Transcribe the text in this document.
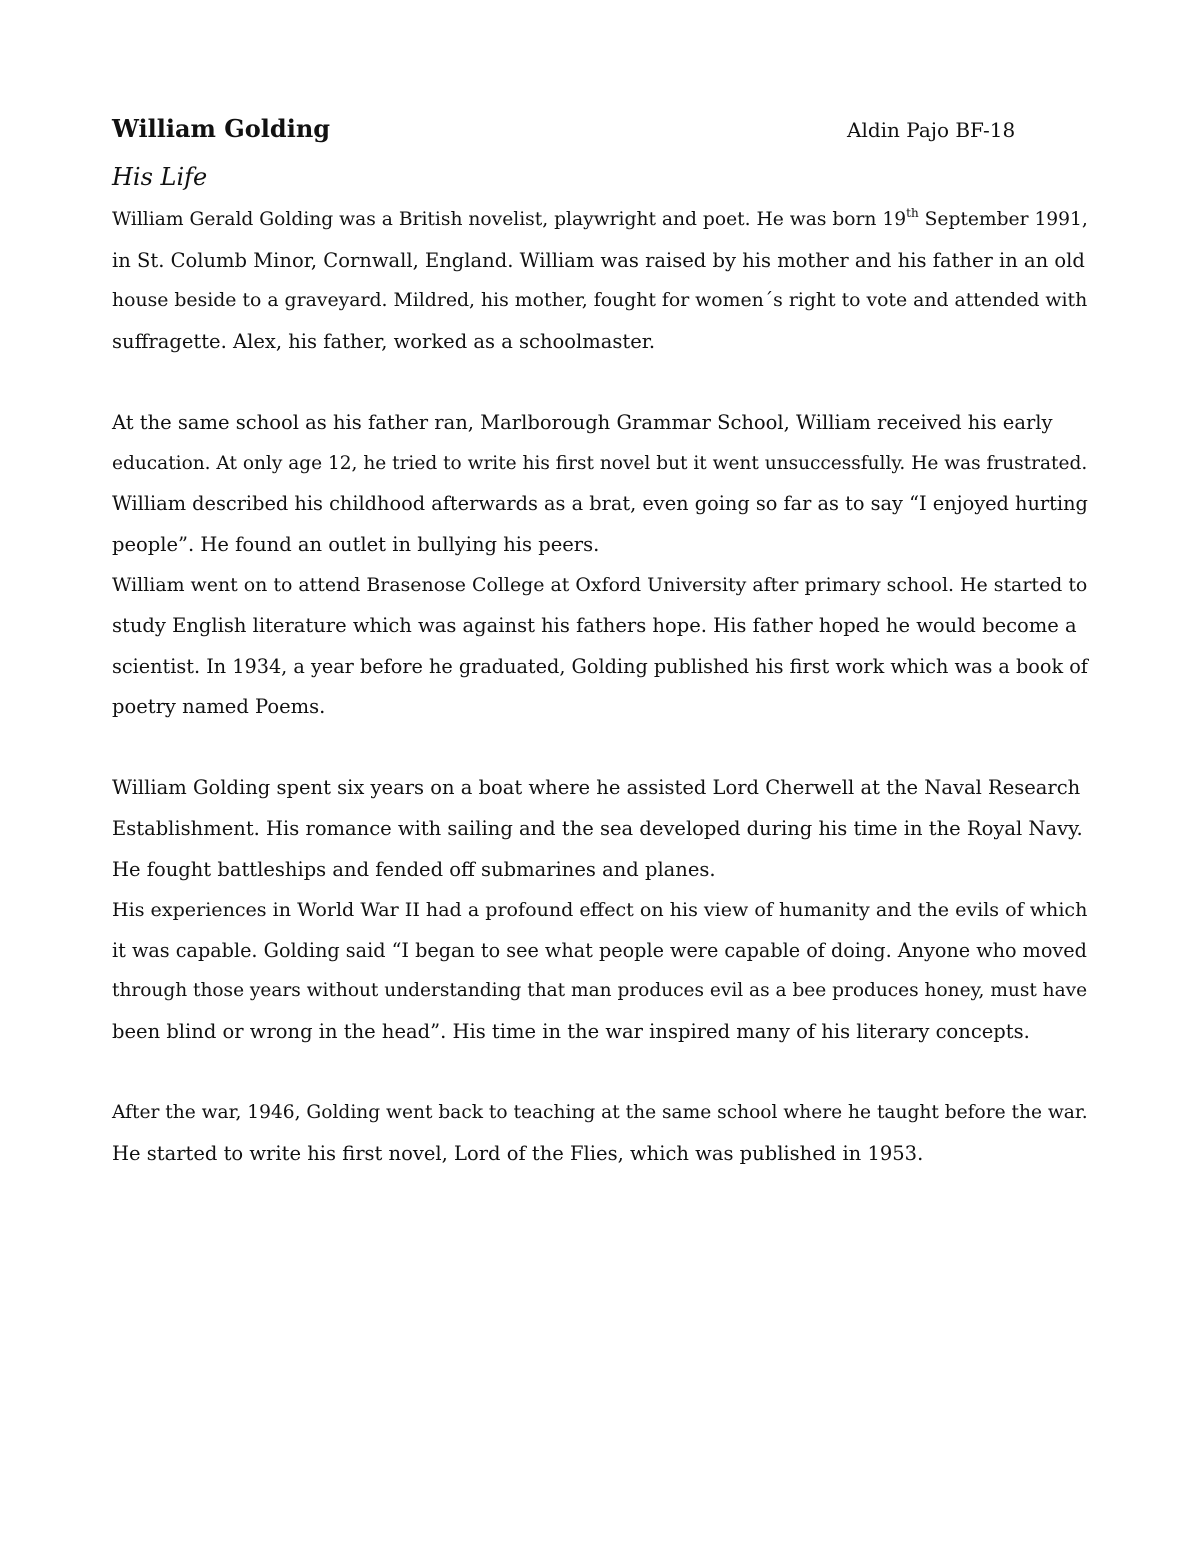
William Golding	Aldin Pajo BF-18
His Life

William Gerald Golding was a British novelist, playwright and poet. He was born 19th September 1991,
in St. Columb Minor, Cornwall, England. William was raised by his mother and his father in an old
house beside to a graveyard. Mildred, his mother, fought for women´s right to vote and attended with
suffragette. Alex, his father, worked as a schoolmaster.

At the same school as his father ran, Marlborough Grammar School, William received his early
education. At only age 12, he tried to write his first novel but it went unsuccessfully. He was frustrated.
William described his childhood afterwards as a brat, even going so far as to say “I enjoyed hurting
people”. He found an outlet in bullying his peers.

William went on to attend Brasenose College at Oxford University after primary school. He started to
study English literature which was against his fathers hope. His father hoped he would become a
scientist. In 1934, a year before he graduated, Golding published his first work which was a book of
poetry named Poems.

William Golding spent six years on a boat where he assisted Lord Cherwell at the Naval Research
Establishment. His romance with sailing and the sea developed during his time in the Royal Navy.
He fought battleships and fended off submarines and planes.

His experiences in World War II had a profound effect on his view of humanity and the evils of which
it was capable. Golding said “I began to see what people were capable of doing. Anyone who moved
through those years without understanding that man produces evil as a bee produces honey, must have
been blind or wrong in the head”. His time in the war inspired many of his literary concepts.

After the war, 1946, Golding went back to teaching at the same school where he taught before the war.
He started to write his first novel, Lord of the Flies, which was published in 1953.
